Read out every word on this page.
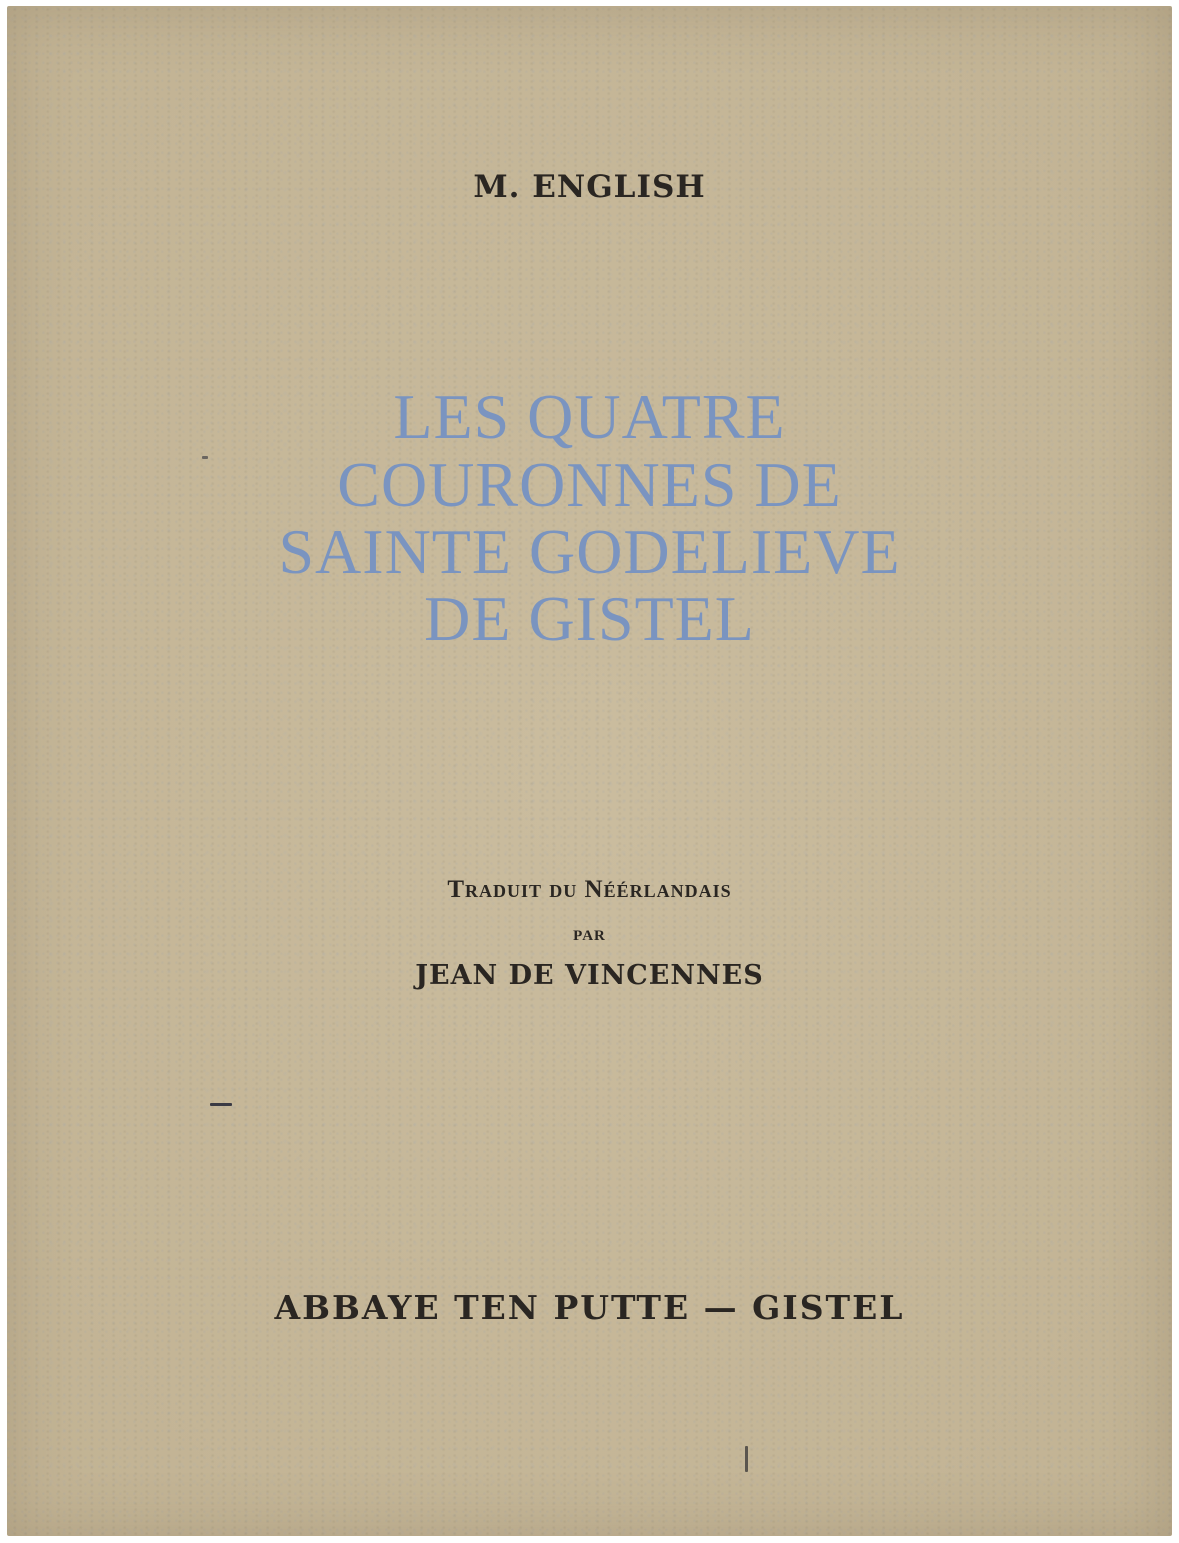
M. ENGLISH
LES QUATRE
COURONNES DE
SAINTE GODELIEVE
DE GISTEL
Traduit du Néérlandais
par
JEAN DE VINCENNES
ABBAYE TEN PUTTE — GISTEL
